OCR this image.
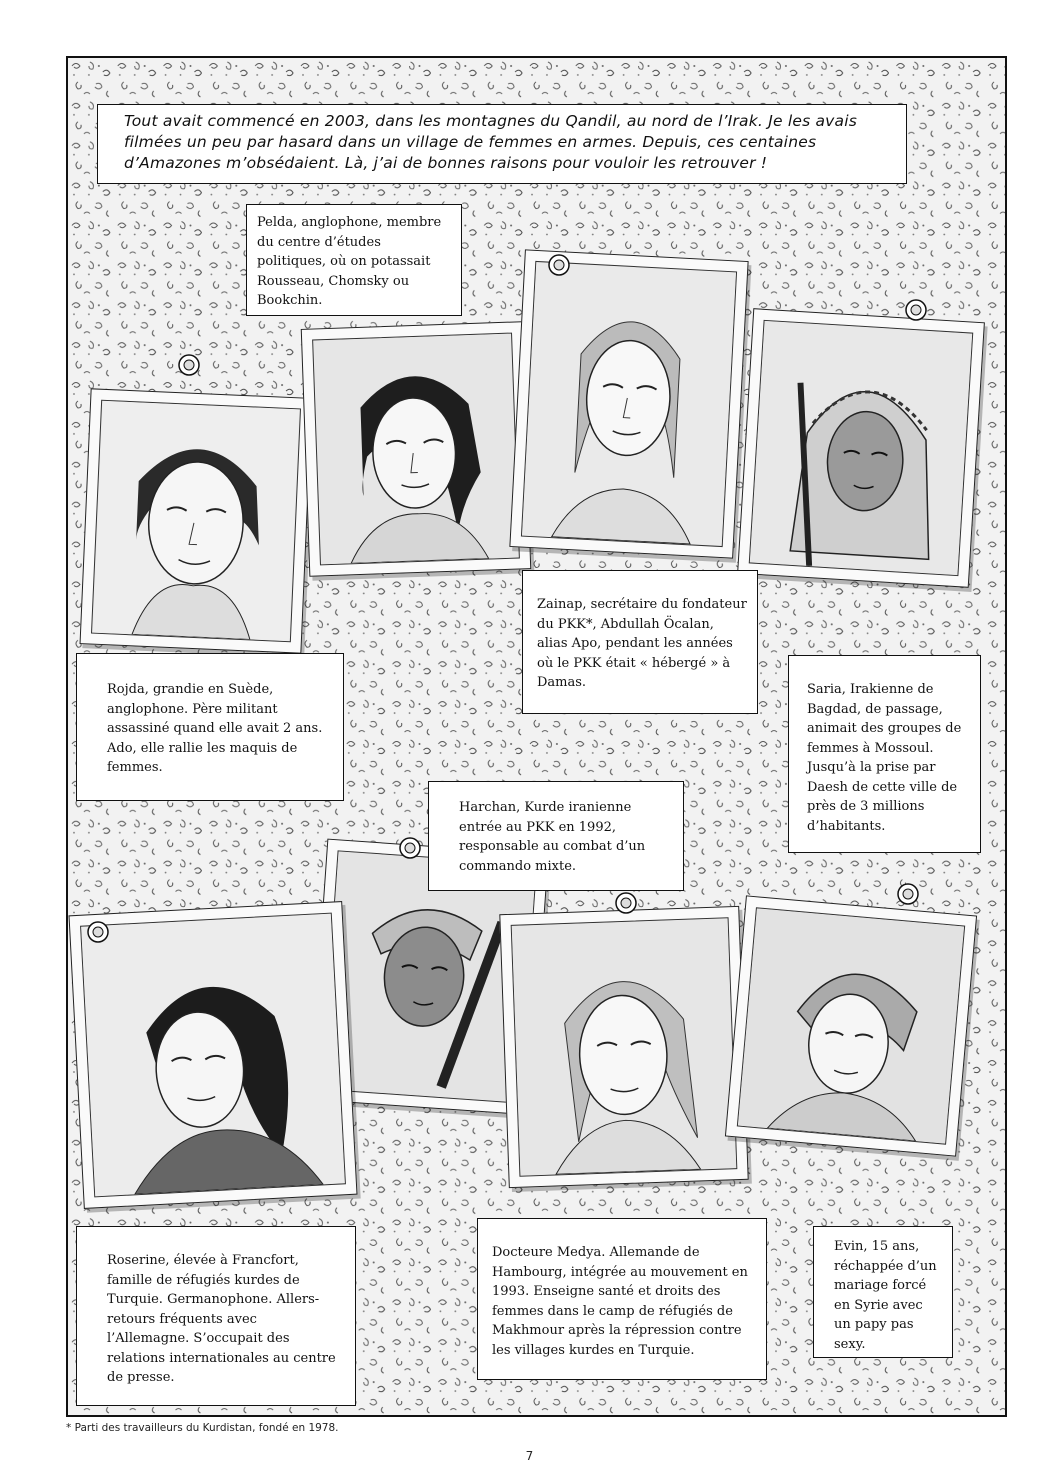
Tout avait commencé en 2003, dans les montagnes du Qandil, au nord de l’Irak. Je les avais filmées un peu par hasard dans un village de femmes en armes. Depuis, ces centaines d’Amazones m’obsédaient. Là, j’ai de bonnes raisons pour vouloir les retrouver !
Pelda, anglophone, membre du centre d’études politiques, où on potassait Rousseau, Chomsky ou Bookchin.
Zainap, secrétaire du fondateur du PKK*, Abdullah Öcalan, alias Apo, pendant les années où le PKK était « hébergé » à Damas.
Rojda, grandie en Suède, anglophone. Père militant assassiné quand elle avait 2 ans. Ado, elle rallie les maquis de femmes.
Saria, Irakienne de Bagdad, de passage, animait des groupes de femmes à Mossoul. Jusqu’à la prise par Daesh de cette ville de près de 3 millions d’habitants.
Harchan, Kurde iranienne entrée au PKK en 1992, responsable au combat d’un commando mixte.
Roserine, élevée à Francfort, famille de réfugiés kurdes de Turquie. Germanophone. Allers-retours fréquents avec l’Allemagne. S’occupait des relations internationales au centre de presse.
Docteure Medya. Allemande de Hambourg, intégrée au mouvement en 1993. Enseigne santé et droits des femmes dans le camp de réfugiés de Makhmour après la répression contre les villages kurdes en Turquie.
Evin, 15 ans, réchappée d’un mariage forcé en Syrie avec un papy pas sexy.
* Parti des travailleurs du Kurdistan, fondé en 1978.
7
